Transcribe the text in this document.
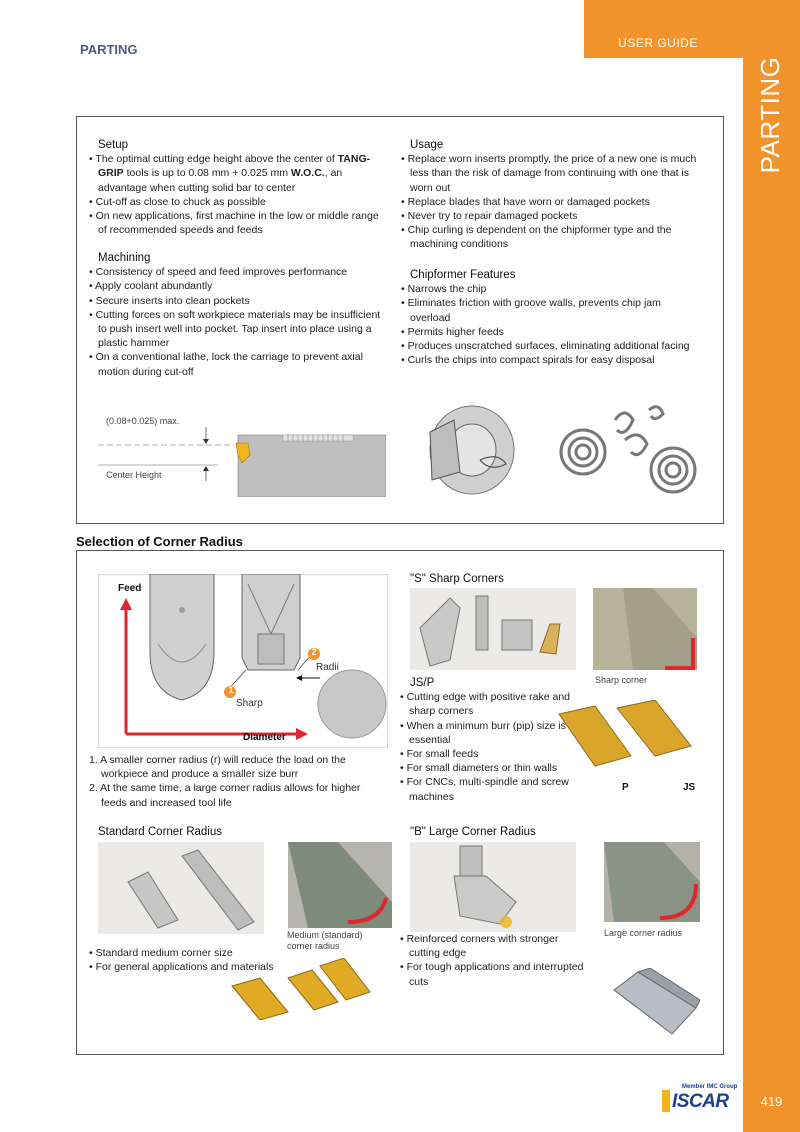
USER GUIDE
PARTING
PARTING
Member IMC Group
ISCAR	419
Setup
• The optimal cutting edge height above the center of TANG-GRIP tools is up to 0.08 mm + 0.025 mm W.O.C., an advantage when cutting solid bar to center
• Cut-off as close to chuck as possible
• On new applications, first machine in the low or middle range of recommended speeds and feeds
Machining
• Consistency of speed and feed improves performance
• Apply coolant abundantly
• Secure inserts into clean pockets
• Cutting forces on soft workpiece materials may be insufficient to push insert well into pocket. Tap insert into place using a plastic hammer
• On a conventional lathe, lock the carriage to prevent axial motion during cut-off
Usage
• Replace worn inserts promptly, the price of a new one is much less than the risk of damage from continuing with one that is worn out
• Replace blades that have worn or damaged pockets
• Never try to repair damaged pockets
• Chip curling is dependent on the chipformer type and the machining conditions
Chipformer Features
• Narrows the chip
• Eliminates friction with groove walls, prevents chip jam overload
• Permits higher feeds
• Produces unscratched surfaces, eliminating additional facing
• Curls the chips into compact spirals for easy disposal
(0.08+0.025) max.
Center Height
Selection of Corner Radius
Feed
Diameter
Sharp
Radii
1
2
1. A smaller corner radius (r) will reduce the load on the workpiece and produce a smaller size burr
2. At the same time, a large corner radius allows for higher feeds and increased tool life
"S" Sharp Corners
Sharp corner
JS/P
• Cutting edge with positive rake and sharp corners
• When a minimum burr (pip) size is essential
• For small feeds
• For small diameters or thin walls
• For CNCs, multi-spindle and screw machines
P	JS
Standard Corner Radius
Medium (standard) corner radius
• Standard medium corner size
• For general applications and materials
"B" Large Corner Radius
Large corner radius
• Reinforced corners with stronger cutting edge
• For tough applications and interrupted cuts
